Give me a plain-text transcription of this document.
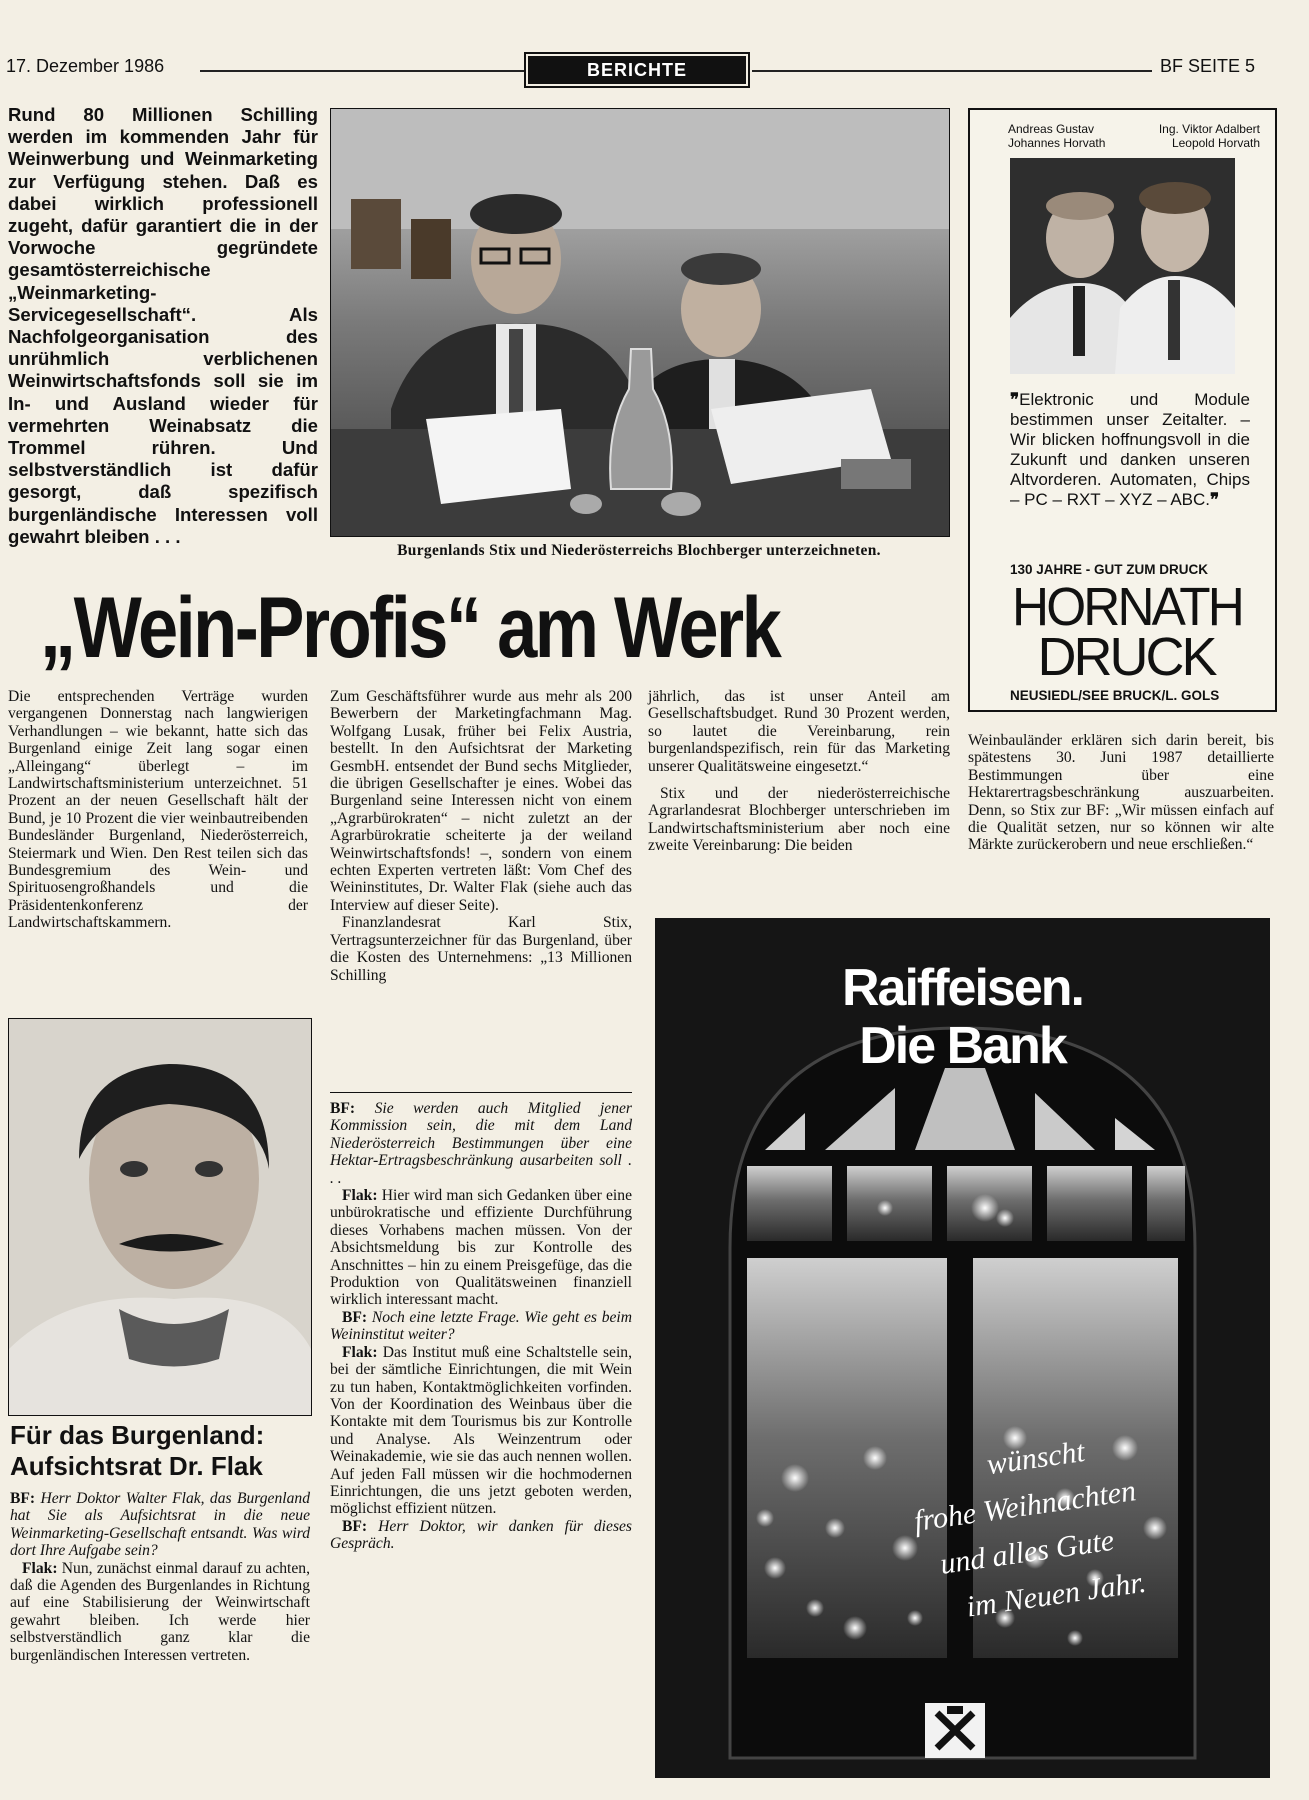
17. Dezember 1986	BERICHTE	BF SEITE 5
Rund 80 Millionen Schilling werden im kommenden Jahr für Weinwerbung und Weinmarketing zur Verfügung stehen. Daß es dabei wirklich professionell zugeht, dafür garantiert die in der Vorwoche gegründete gesamtösterreichische „Weinmarketing-Servicegesellschaft“. Als Nachfolgeorganisation des unrühmlich verblichenen Weinwirtschaftsfonds soll sie im In- und Ausland wieder für vermehrten Weinabsatz die Trommel rühren. Und selbstverständlich ist dafür gesorgt, daß spezifisch burgenländische Interessen voll gewahrt bleiben . . .
Burgenlands Stix und Niederösterreichs Blochberger unterzeichneten.
„Wein-Profis“ am Werk
Andreas Gustav
Johannes Horvath
Ing. Viktor Adalbert
Leopold Horvath
❞Elektronic und Module bestimmen unser Zeitalter. – Wir blicken hoffnungsvoll in die Zukunft und danken unseren Altvorderen. Automaten, Chips – PC – RXT – XYZ – ABC.❞
130 JAHRE - GUT ZUM DRUCK
HORNATH
DRUCK
NEUSIEDL/SEE BRUCK/L. GOLS

Die entsprechenden Verträge wurden vergangenen Donnerstag nach langwierigen Verhandlungen – wie bekannt, hatte sich das Burgenland einige Zeit lang sogar einen „Alleingang“ überlegt – im Landwirtschaftsministerium unterzeichnet. 51 Prozent an der neuen Gesellschaft hält der Bund, je 10 Prozent die vier weinbautreibenden Bundesländer Burgenland, Niederösterreich, Steiermark und Wien. Den Rest teilen sich das Bundesgremium des Wein- und Spirituosengroßhandels und die Präsidentenkonferenz der Landwirtschaftskammern.

Zum Geschäftsführer wurde aus mehr als 200 Bewerbern der Marketingfachmann Mag. Wolfgang Lusak, früher bei Felix Austria, bestellt. In den Aufsichtsrat der Marketing GesmbH. entsendet der Bund sechs Mitglieder, die übrigen Gesellschafter je eines. Wobei das Burgenland seine Interessen nicht von einem „Agrarbürokraten“ – nicht zuletzt an der Agrarbürokratie scheiterte ja der weiland Weinwirtschaftsfonds! –, sondern von einem echten Experten vertreten läßt: Vom Chef des Weininstitutes, Dr. Walter Flak (siehe auch das Interview auf dieser Seite).

Finanzlandesrat Karl Stix, Vertragsunterzeichner für das Burgenland, über die Kosten des Unternehmens: „13 Millionen Schilling

jährlich, das ist unser Anteil am Gesellschaftsbudget. Rund 30 Prozent werden, so lautet die Vereinbarung, rein burgenlandspezifisch, rein für das Marketing unserer Qualitätsweine eingesetzt.“

Stix und der niederösterreichische Agrarlandesrat Blochberger unterschrieben im Landwirtschaftsministerium aber noch eine zweite Vereinbarung: Die beiden

Weinbauländer erklären sich darin bereit, bis spätestens 30. Juni 1987 detaillierte Bestimmungen über eine Hektarertragsbeschränkung auszuarbeiten. Denn, so Stix zur BF: „Wir müssen einfach auf die Qualität setzen, nur so können wir alte Märkte zurückerobern und neue erschließen.“

Für das Burgenland: Aufsichtsrat Dr. Flak

BF: Herr Doktor Walter Flak, das Burgenland hat Sie als Aufsichtsrat in die neue Weinmarketing-Gesellschaft entsandt. Was wird dort Ihre Aufgabe sein?

Flak: Nun, zunächst einmal darauf zu achten, daß die Agenden des Burgenlandes in Richtung auf eine Stabilisierung der Weinwirtschaft gewahrt bleiben. Ich werde hier selbstverständlich ganz klar die burgenländischen Interessen vertreten.

BF: Sie werden auch Mitglied jener Kommission sein, die mit dem Land Niederösterreich Bestimmungen über eine Hektar-Ertragsbeschränkung ausarbeiten soll . . .

Flak: Hier wird man sich Gedanken über eine unbürokratische und effiziente Durchführung dieses Vorhabens machen müssen. Von der Absichtsmeldung bis zur Kontrolle des Anschnittes – hin zu einem Preisgefüge, das die Produktion von Qualitätsweinen finanziell wirklich interessant macht.

BF: Noch eine letzte Frage. Wie geht es beim Weininstitut weiter?

Flak: Das Institut muß eine Schaltstelle sein, bei der sämtliche Einrichtungen, die mit Wein zu tun haben, Kontaktmöglichkeiten vorfinden. Von der Koordination des Weinbaus über die Kontakte mit dem Tourismus bis zur Kontrolle und Analyse. Als Weinzentrum oder Weinakademie, wie sie das auch nennen wollen. Auf jeden Fall müssen wir die hochmodernen Einrichtungen, die uns jetzt geboten werden, möglichst effizient nützen.

BF: Herr Doktor, wir danken für dieses Gespräch.

Raiffeisen.
Die Bank
wünscht
frohe Weihnachten
und alles Gute
im Neuen Jahr.
